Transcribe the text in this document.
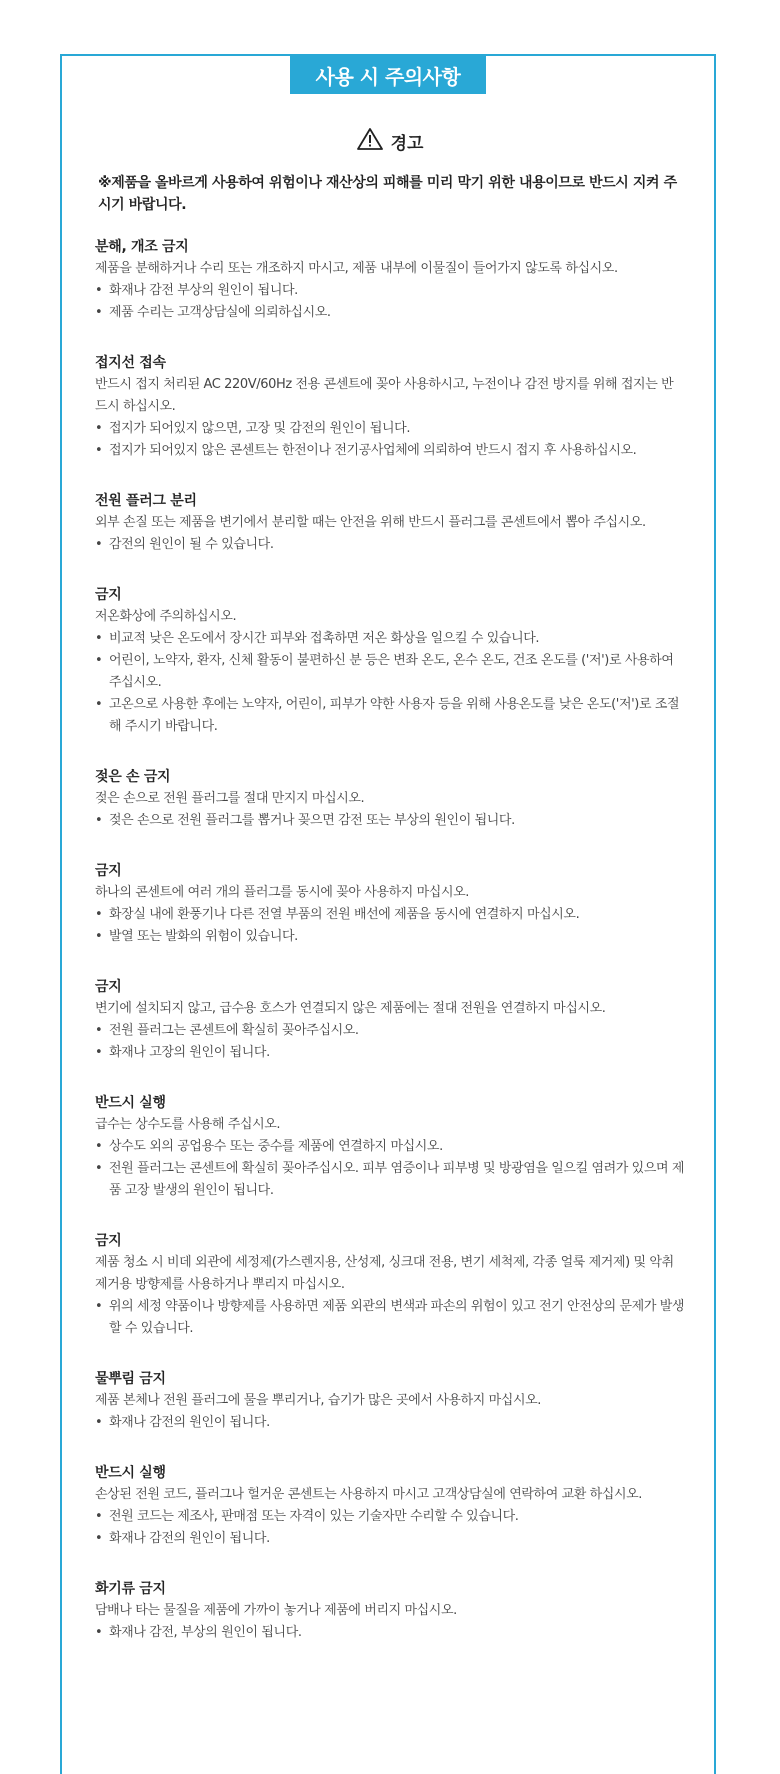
사용 시 주의사항
경고
※제품을 올바르게 사용하여 위험이나 재산상의 피해를 미리 막기 위한 내용이므로 반드시 지켜 주시기 바랍니다.
분해, 개조 금지
제품을 분해하거나 수리 또는 개조하지 마시고, 제품 내부에 이물질이 들어가지 않도록 하십시오.
• 화재나 감전 부상의 원인이 됩니다.
• 제품 수리는 고객상담실에 의뢰하십시오.
접지선 접속
반드시 접지 처리된 AC 220V/60Hz 전용 콘센트에 꽂아 사용하시고, 누전이나 감전 방지를 위해 접지는 반드시 하십시오.
• 접지가 되어있지 않으면, 고장 및 감전의 원인이 됩니다.
• 접지가 되어있지 않은 콘센트는 한전이나 전기공사업체에 의뢰하여 반드시 접지 후 사용하십시오.
전원 플러그 분리
외부 손질 또는 제품을 변기에서 분리할 때는 안전을 위해 반드시 플러그를 콘센트에서 뽑아 주십시오.
• 감전의 원인이 될 수 있습니다.
금지
저온화상에 주의하십시오.
• 비교적 낮은 온도에서 장시간 피부와 접촉하면 저온 화상을 일으킬 수 있습니다.
• 어린이, 노약자, 환자, 신체 활동이 불편하신 분 등은 변좌 온도, 온수 온도, 건조 온도를 ('저')로 사용하여 주십시오.
• 고온으로 사용한 후에는 노약자, 어린이, 피부가 약한 사용자 등을 위해 사용온도를 낮은 온도('저')로 조절해 주시기 바랍니다.
젖은 손 금지
젖은 손으로 전원 플러그를 절대 만지지 마십시오.
• 젖은 손으로 전원 플러그를 뽑거나 꽂으면 감전 또는 부상의 원인이 됩니다.
금지
하나의 콘센트에 여러 개의 플러그를 동시에 꽂아 사용하지 마십시오.
• 화장실 내에 환풍기나 다른 전열 부품의 전원 배선에 제품을 동시에 연결하지 마십시오.
• 발열 또는 발화의 위험이 있습니다.
금지
변기에 설치되지 않고, 급수용 호스가 연결되지 않은 제품에는 절대 전원을 연결하지 마십시오.
• 전원 플러그는 콘센트에 확실히 꽂아주십시오.
• 화재나 고장의 원인이 됩니다.
반드시 실행
급수는 상수도를 사용해 주십시오.
• 상수도 외의 공업용수 또는 중수를 제품에 연결하지 마십시오.
• 전원 플러그는 콘센트에 확실히 꽂아주십시오. 피부 염증이나 피부병 및 방광염을 일으킬 염려가 있으며 제품 고장 발생의 원인이 됩니다.
금지
제품 청소 시 비데 외관에 세정제(가스렌지용, 산성제, 싱크대 전용, 변기 세척제, 각종 얼룩 제거제) 및 악취 제거용 방향제를 사용하거나 뿌리지 마십시오.
• 위의 세정 약품이나 방향제를 사용하면 제품 외관의 변색과 파손의 위험이 있고 전기 안전상의 문제가 발생할 수 있습니다.
물뿌림 금지
제품 본체나 전원 플러그에 물을 뿌리거나, 습기가 많은 곳에서 사용하지 마십시오.
• 화재나 감전의 원인이 됩니다.
반드시 실행
손상된 전원 코드, 플러그나 헐거운 콘센트는 사용하지 마시고 고객상담실에 연락하여 교환 하십시오.
• 전원 코드는 제조사, 판매점 또는 자격이 있는 기술자만 수리할 수 있습니다.
• 화재나 감전의 원인이 됩니다.
화기류 금지
담배나 타는 물질을 제품에 가까이 놓거나 제품에 버리지 마십시오.
• 화재나 감전, 부상의 원인이 됩니다.
